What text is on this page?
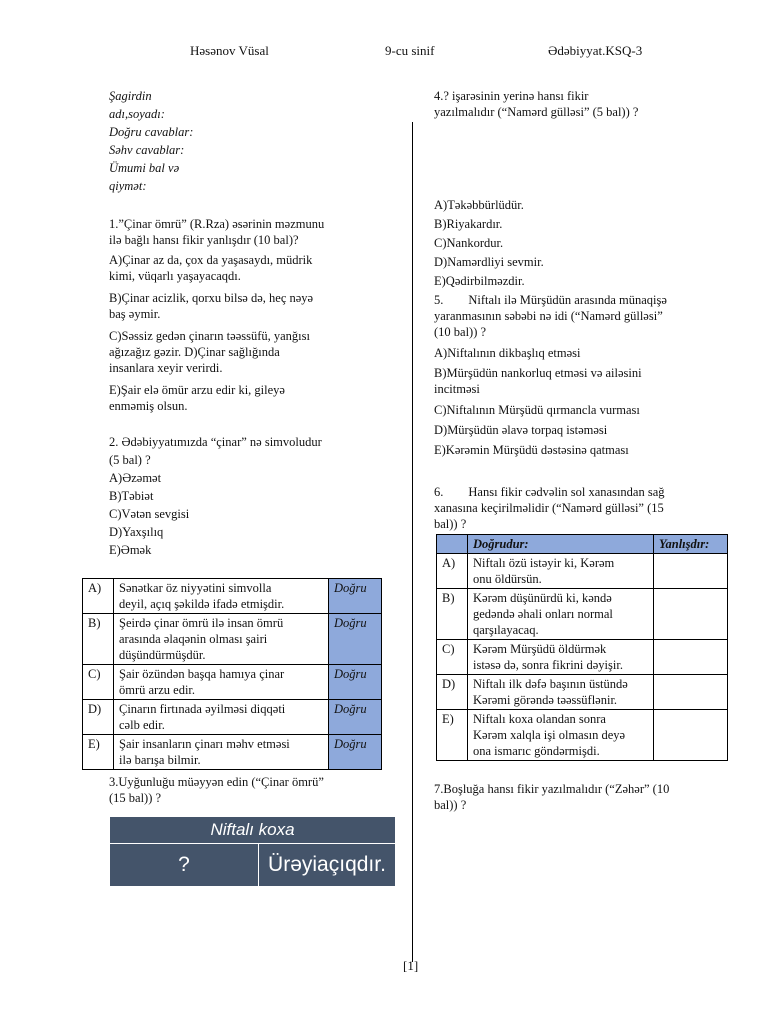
Həsənov Vüsal	9-cu sinif	Ədəbiyyat.KSQ-3
Şagirdin
adı,soyadı:
Doğru cavablar:
Səhv cavablar:
Ümumi bal və
qiymət:
1.”Çinar ömrü” (R.Rza) əsərinin məzmunu
ilə bağlı hansı fikir yanlışdır (10 bal)?
A)Çinar az da, çox da yaşasaydı, müdrik
kimi, vüqarlı yaşayacaqdı.
B)Çinar acizlik, qorxu bilsə də, heç nəyə
baş əymir.
C)Səssiz gedən çinarın təəssüfü, yanğısı
ağızağız gəzir. D)Çinar sağlığında
insanlara xeyir verirdi.
E)Şair elə ömür arzu edir ki, gileyə
enməmiş olsun.
2. Ədəbiyyatımızda “çinar” nə simvoludur
(5 bal) ?
A)Əzəmət
B)Təbiət
C)Vətən sevgisi
D)Yaxşılıq
E)Əmək
A)	Sənətkar öz niyyətini simvolla
deyil, açıq şəkildə ifadə etmişdir.	Doğru
B)	Şeirdə çinar ömrü ilə insan ömrü
arasında əlaqənin olması şairi
düşündürmüşdür.	Doğru
C)	Şair özündən başqa hamıya çinar
ömrü arzu edir.	Doğru
D)	Çinarın firtınada əyilməsi diqqəti
cəlb edir.	Doğru
E)	Şair insanların çinarı məhv etməsi
ilə barışa bilmir.	Doğru
3.Uyğunluğu müəyyən edin (“Çinar ömrü”
(15 bal)) ?
Niftalı koxa
?	Ürəyiaçıqdır.
4.? işarəsinin yerinə hansı fikir
yazılmalıdır (“Namərd gülləsi” (5 bal)) ?
A)Təkəbbürlüdür.
B)Riyakardır.
C)Nankordur.
D)Namərdliyi sevmir.
E)Qədirbilməzdir.
5.        Niftalı ilə Mürşüdün arasında münaqişə
yaranmasının səbəbi nə idi (“Namərd gülləsi”
(10 bal)) ?
A)Niftalının dikbaşlıq etməsi
B)Mürşüdün nankorluq etməsi və ailəsini
incitməsi
C)Niftalının Mürşüdü qırmancla vurması
D)Mürşüdün əlavə torpaq istəməsi
E)Kərəmin Mürşüdü dəstəsinə qatması
6.        Hansı fikir cədvəlin sol xanasından sağ
xanasına keçirilməlidir (“Namərd gülləsi” (15
bal)) ?
	Doğrudur:	Yanlışdır:
A)	Niftalı özü istəyir ki, Kərəm
onu öldürsün.	

B)	Kərəm düşünürdü ki, kəndə
gedəndə əhali onları normal
qarşılayacaq.	

C)	Kərəm Mürşüdü öldürmək
istəsə də, sonra fikrini dəyişir.	

D)	Niftalı ilk dəfə başının üstündə
Kərəmi görəndə təəssüflənir.	

E)	Niftalı koxa olandan sonra
Kərəm xalqla işi olmasın deyə
ona ismarıc göndərmişdi.	

7.Boşluğa hansı fikir yazılmalıdır (“Zəhər” (10
bal)) ?
[1]
